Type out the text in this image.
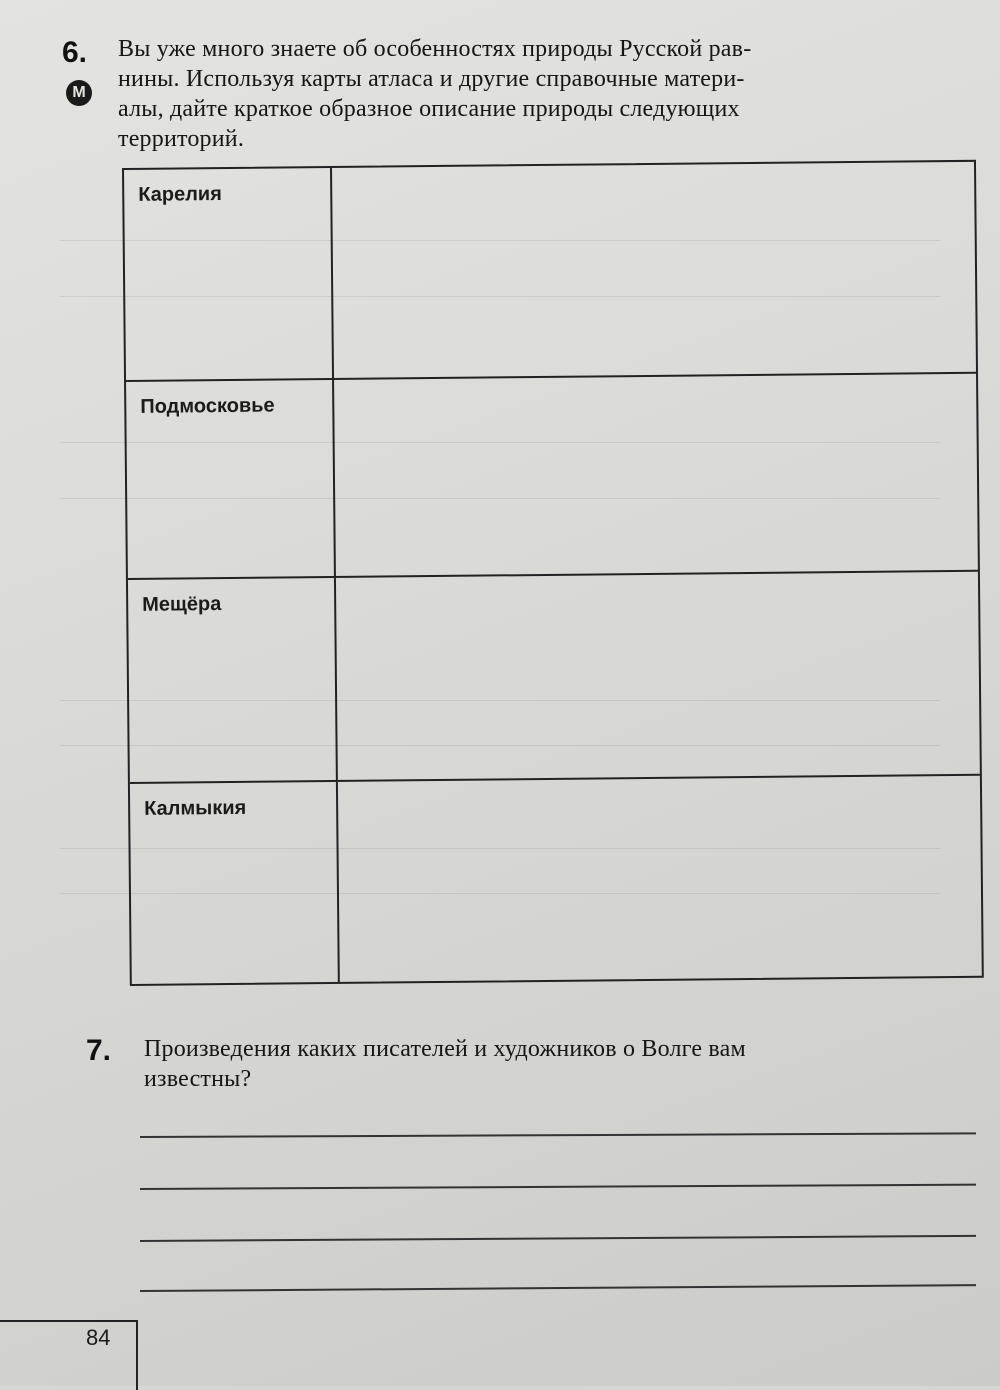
6.
М
Вы уже много знаете об особенностях природы Русской рав-
нины. Используя карты атласа и другие справочные матери-
алы, дайте краткое образное описание природы следующих
территорий.
Карелия
Подмосковье
Мещёра
Калмыкия
7. Произведения каких писателей и художников о Волге вам
известны?
84
